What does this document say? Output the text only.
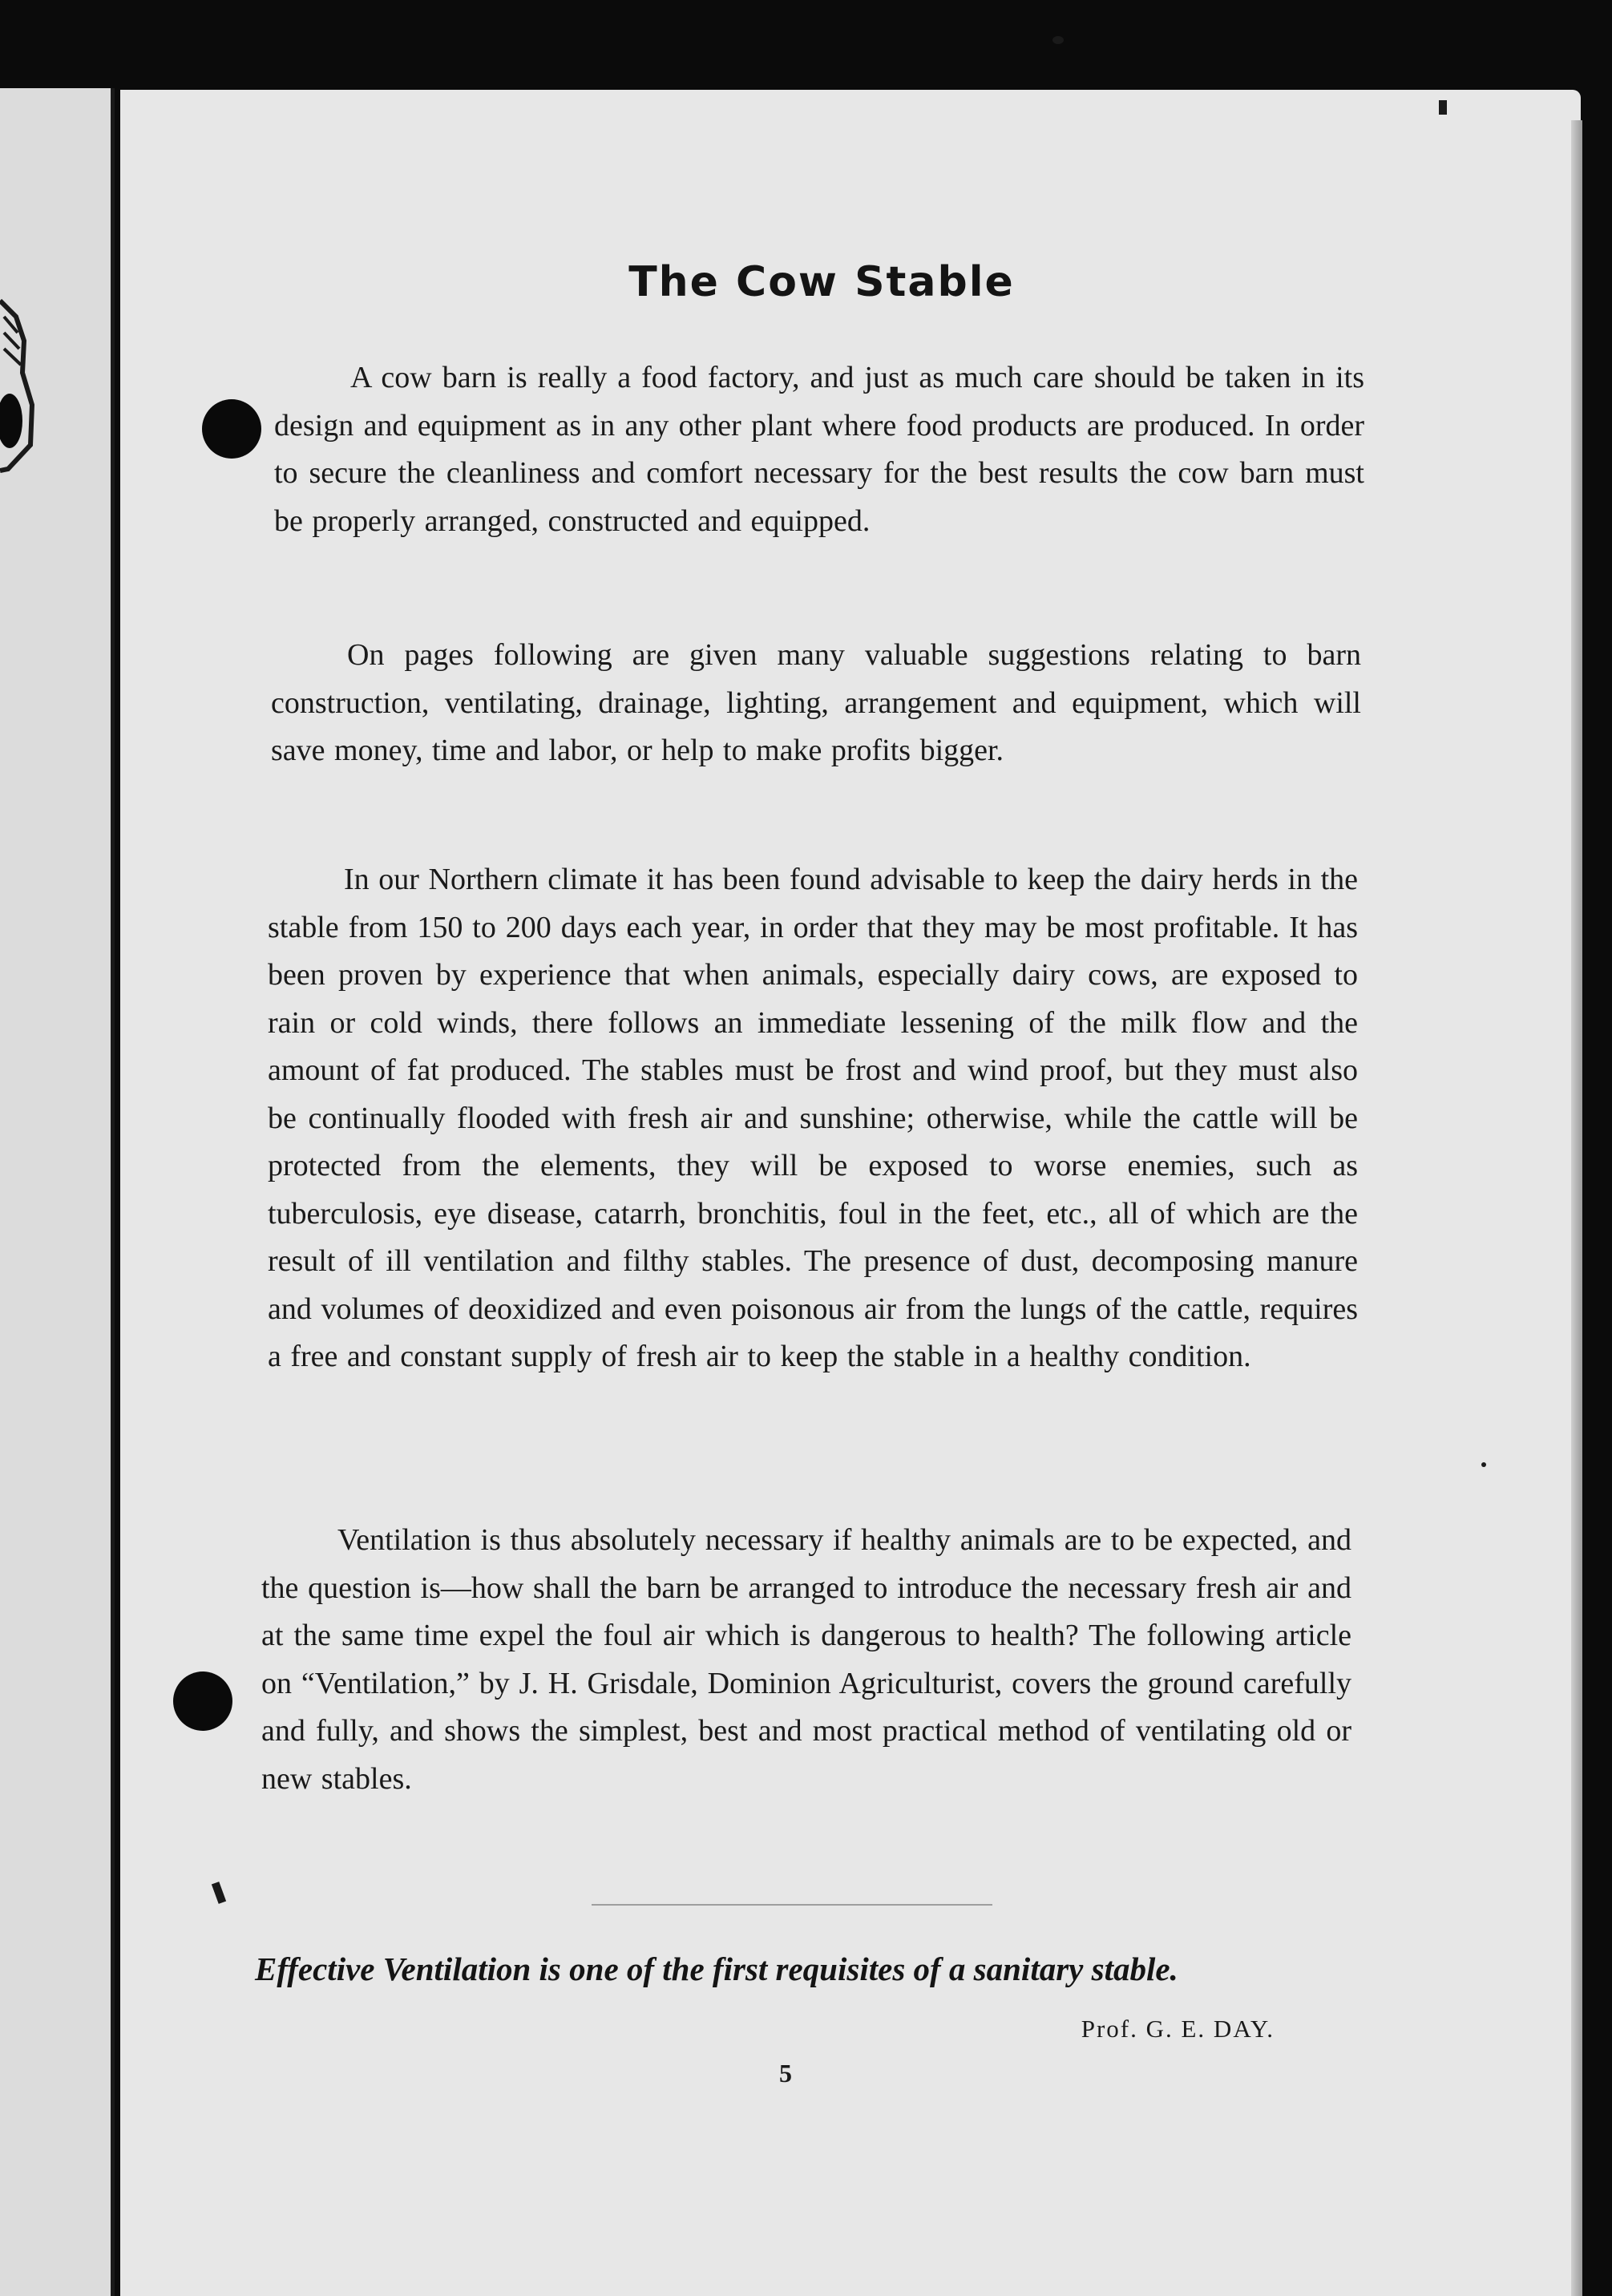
The Cow Stable
A cow barn is really a food factory, and just as much care should be taken in its design and equipment as in any other plant where food products are produced. In order to secure the cleanliness and comfort necessary for the best results the cow barn must be properly arranged, constructed and equipped.
On pages following are given many valuable suggestions relating to barn construction, ventilating, drainage, lighting, arrangement and equipment, which will save money, time and labor, or help to make profits bigger.
In our Northern climate it has been found advisable to keep the dairy herds in the stable from 150 to 200 days each year, in order that they may be most profitable. It has been proven by experience that when animals, especially dairy cows, are exposed to rain or cold winds, there follows an immediate lessening of the milk flow and the amount of fat produced. The stables must be frost and wind proof, but they must also be continually flooded with fresh air and sunshine; otherwise, while the cattle will be protected from the elements, they will be exposed to worse enemies, such as tuberculosis, eye disease, catarrh, bronchitis, foul in the feet, etc., all of which are the result of ill ventilation and filthy stables. The presence of dust, decomposing manure and volumes of deoxidized and even poisonous air from the lungs of the cattle, requires a free and constant supply of fresh air to keep the stable in a healthy condition.
Ventilation is thus absolutely necessary if healthy animals are to be expected, and the question is—how shall the barn be arranged to introduce the necessary fresh air and at the same time expel the foul air which is dangerous to health? The following article on “Ventilation,” by J. H. Grisdale, Dominion Agriculturist, covers the ground carefully and fully, and shows the simplest, best and most practical method of ventilating old or new stables.
Effective Ventilation is one of the first requisites of a sanitary stable.
Prof. G. E. DAY.
5
